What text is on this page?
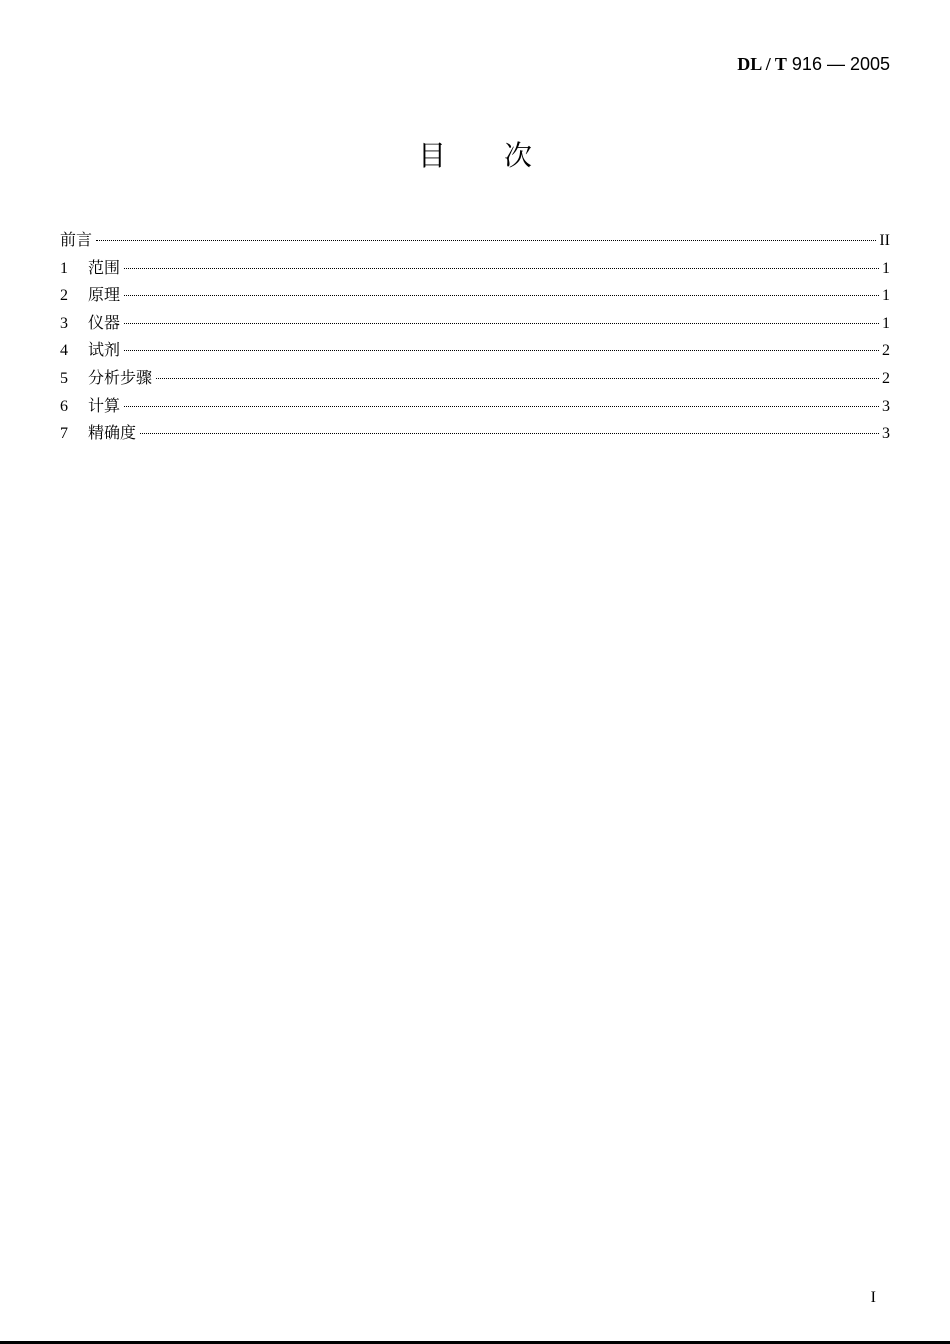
DL / T 916 — 2005
目次
前言	II
1	范围	1
2	原理	1
3	仪器	1
4	试剂	2
5	分析步骤	2
6	计算	3
7	精确度	3
I
